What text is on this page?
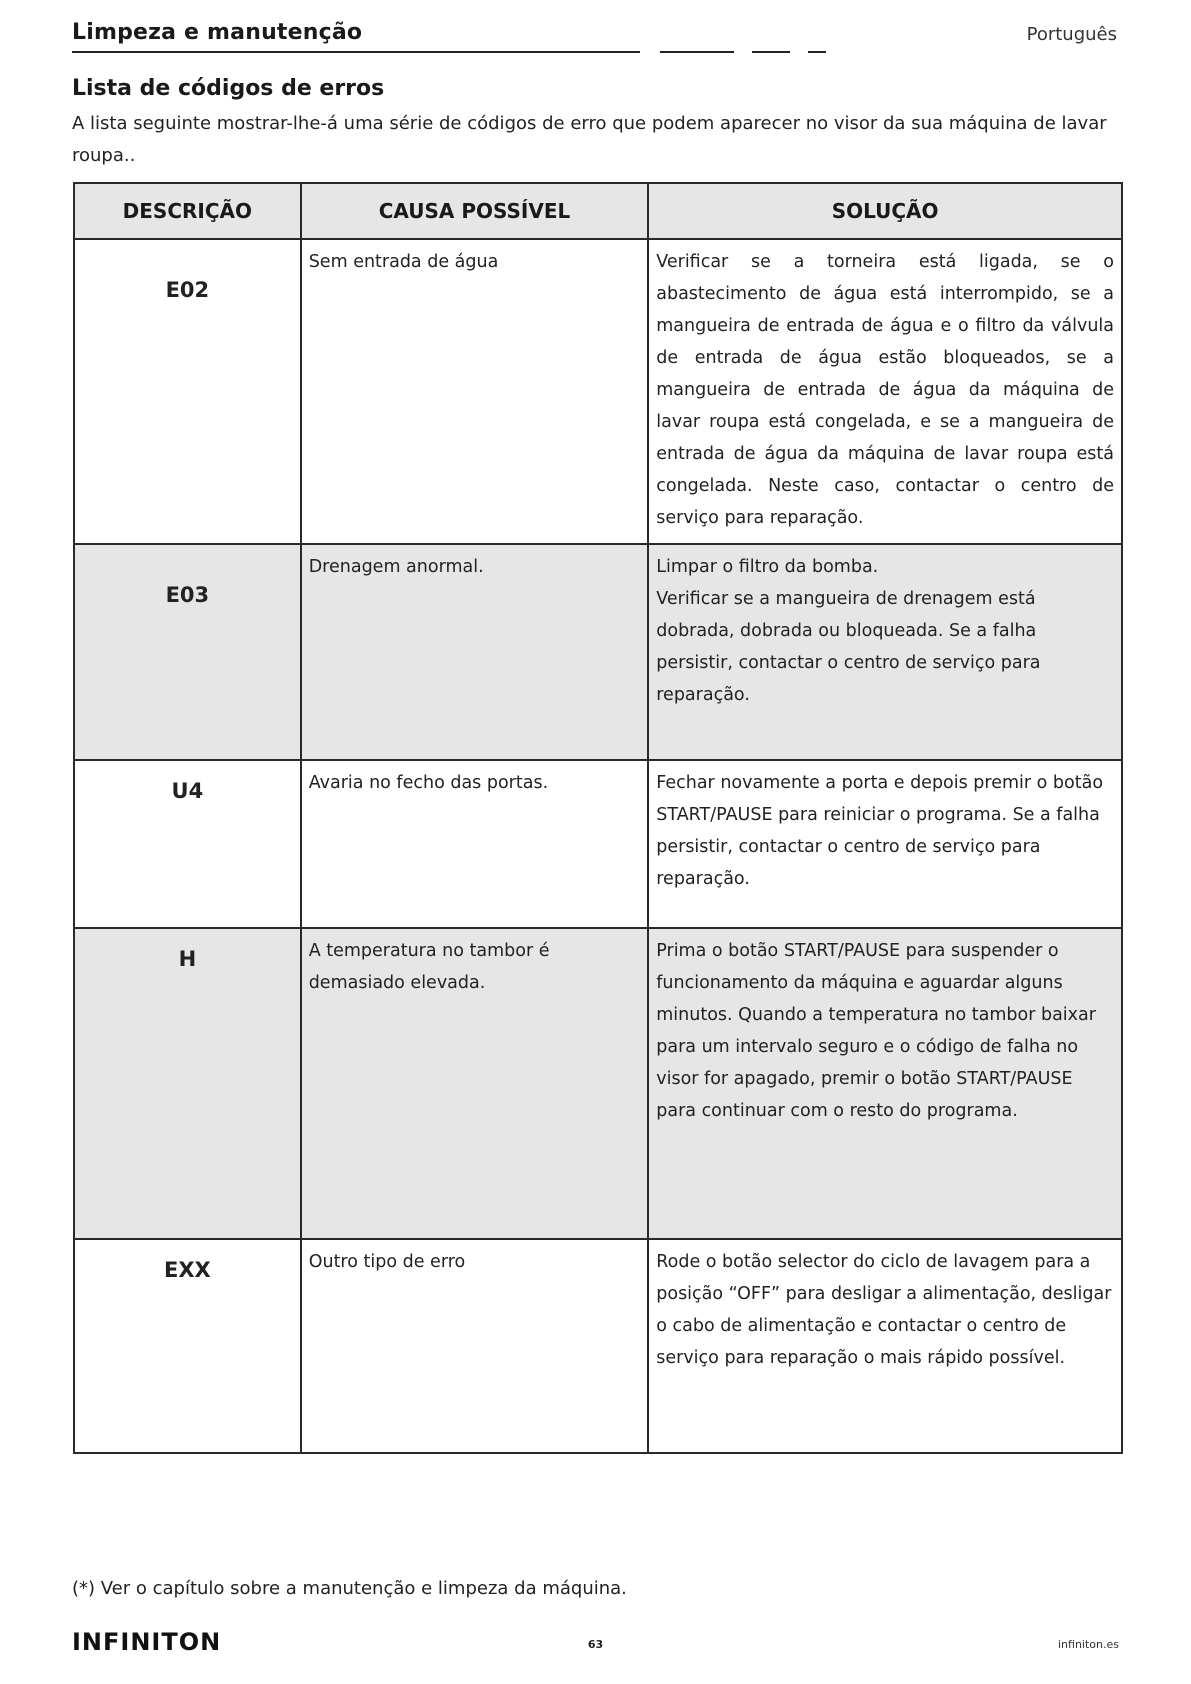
Limpeza e manutenção	Português
Lista de códigos de erros
A lista seguinte mostrar-lhe-á uma série de códigos de erro que podem aparecer no visor da sua máquina de lavar roupa..
DESCRIÇÃO	CAUSA POSSÍVEL	SOLUÇÃO
E02	Sem entrada de água	Verificar se a torneira está ligada, se o abastecimento de água está interrompido, se a mangueira de entrada de água e o filtro da válvula de entrada de água estão bloqueados, se a mangueira de entrada de água da máquina de lavar roupa está congelada, e se a mangueira de entrada de água da máquina de lavar roupa está congelada. Neste caso, contactar o centro de serviço para reparação.
E03	Drenagem anormal.	Limpar o filtro da bomba.
Verificar se a mangueira de drenagem está dobrada, dobrada ou bloqueada. Se a falha persistir, contactar o centro de serviço para reparação.
U4	Avaria no fecho das portas.	Fechar novamente a porta e depois premir o botão START/PAUSE para reiniciar o programa. Se a falha persistir, contactar o centro de serviço para reparação.
H	A temperatura no tambor é demasiado elevada.	Prima o botão START/PAUSE para suspender o funcionamento da máquina e aguardar alguns minutos. Quando a temperatura no tambor baixar para um intervalo seguro e o código de falha no visor for apagado, premir o botão START/PAUSE para continuar com o resto do programa.
EXX	Outro tipo de erro	Rode o botão selector do ciclo de lavagem para a posição “OFF” para desligar a alimentação, desligar o cabo de alimentação e contactar o centro de serviço para reparação o mais rápido possível.
(*) Ver o capítulo sobre a manutenção e limpeza da máquina.
INFINITON	63	infiniton.es
